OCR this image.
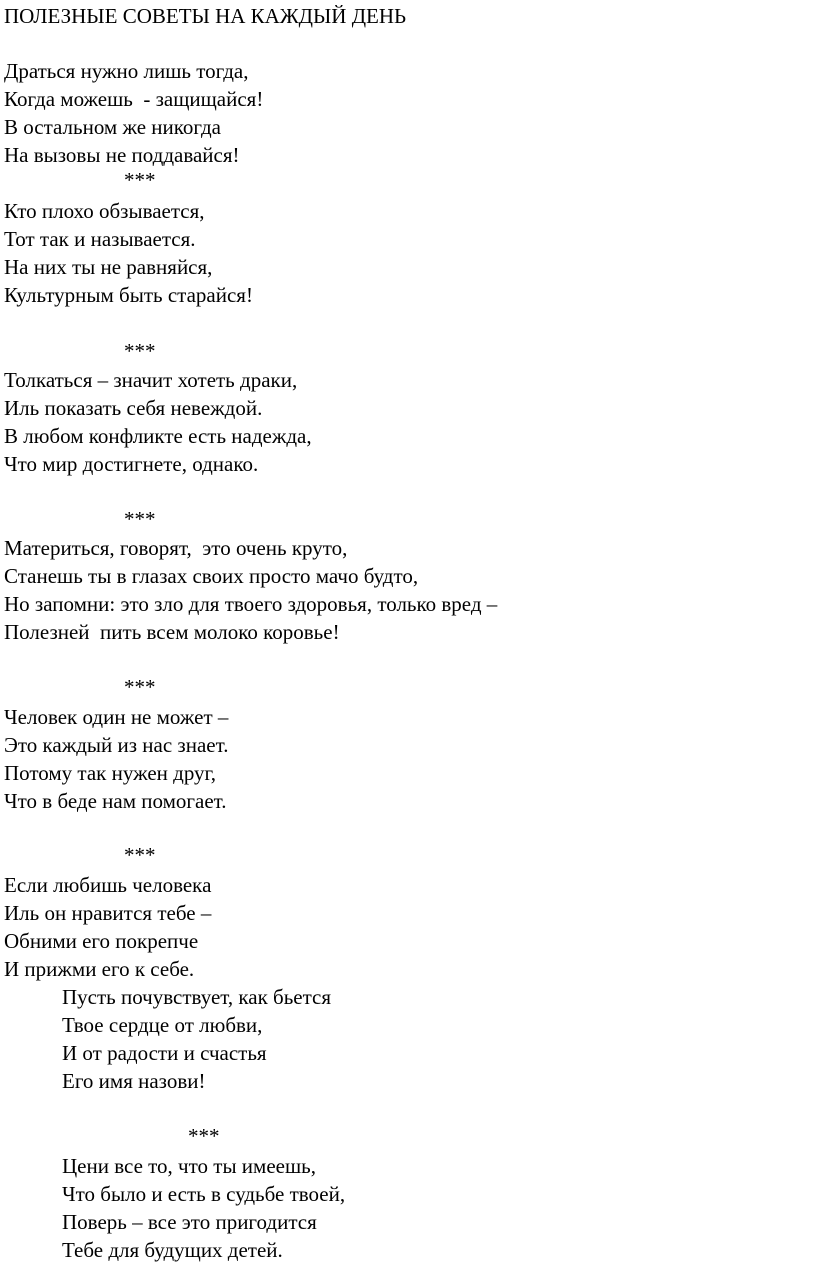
ПОЛЕЗНЫЕ СОВЕТЫ НА КАЖДЫЙ ДЕНЬ
Драться нужно лишь тогда,
Когда можешь  - защищайся!
В остальном же никогда
На вызовы не поддавайся!
***
Кто плохо обзывается,
Тот так и называется.
На них ты не равняйся,
Культурным быть старайся!
***
Толкаться – значит хотеть драки,
Иль показать себя невеждой.
В любом конфликте есть надежда,
Что мир достигнете, однако.
***
Материться, говорят,  это очень круто,
Станешь ты в глазах своих просто мачо будто,
Но запомни: это зло для твоего здоровья, только вред –
Полезней  пить всем молоко коровье!
***
Человек один не может –
Это каждый из нас знает.
Потому так нужен друг,
Что в беде нам помогает.
***
Если любишь человека
Иль он нравится тебе –
Обними его покрепче
И прижми его к себе.
Пусть почувствует, как бьется
Твое сердце от любви,
И от радости и счастья
Его имя назови!
***
Цени все то, что ты имеешь,
Что было и есть в судьбе твоей,
Поверь – все это пригодится
Тебе для будущих детей.
